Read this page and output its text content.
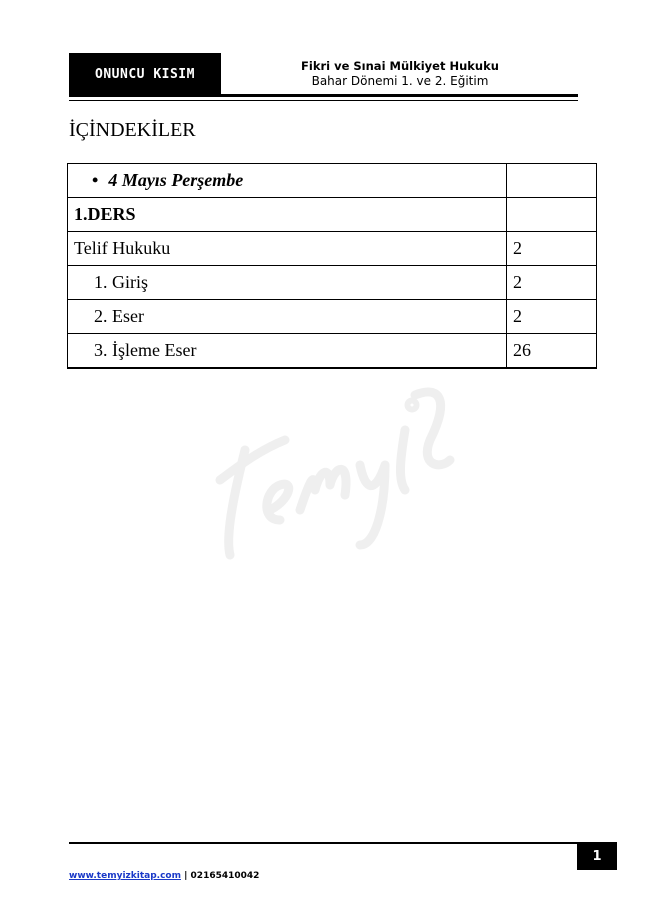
ONUNCU KISIM
Fikri ve Sınai Mülkiyet Hukuku
Bahar Dönemi 1. ve 2. Eğitim
İÇİNDEKİLER
• 4 Mayıs Perşembe	
1.DERS	
Telif Hukuku	2
1. Giriş	2
2. Eser	2
3. İşleme Eser	26
1
www.temyizkitap.com | 02165410042
